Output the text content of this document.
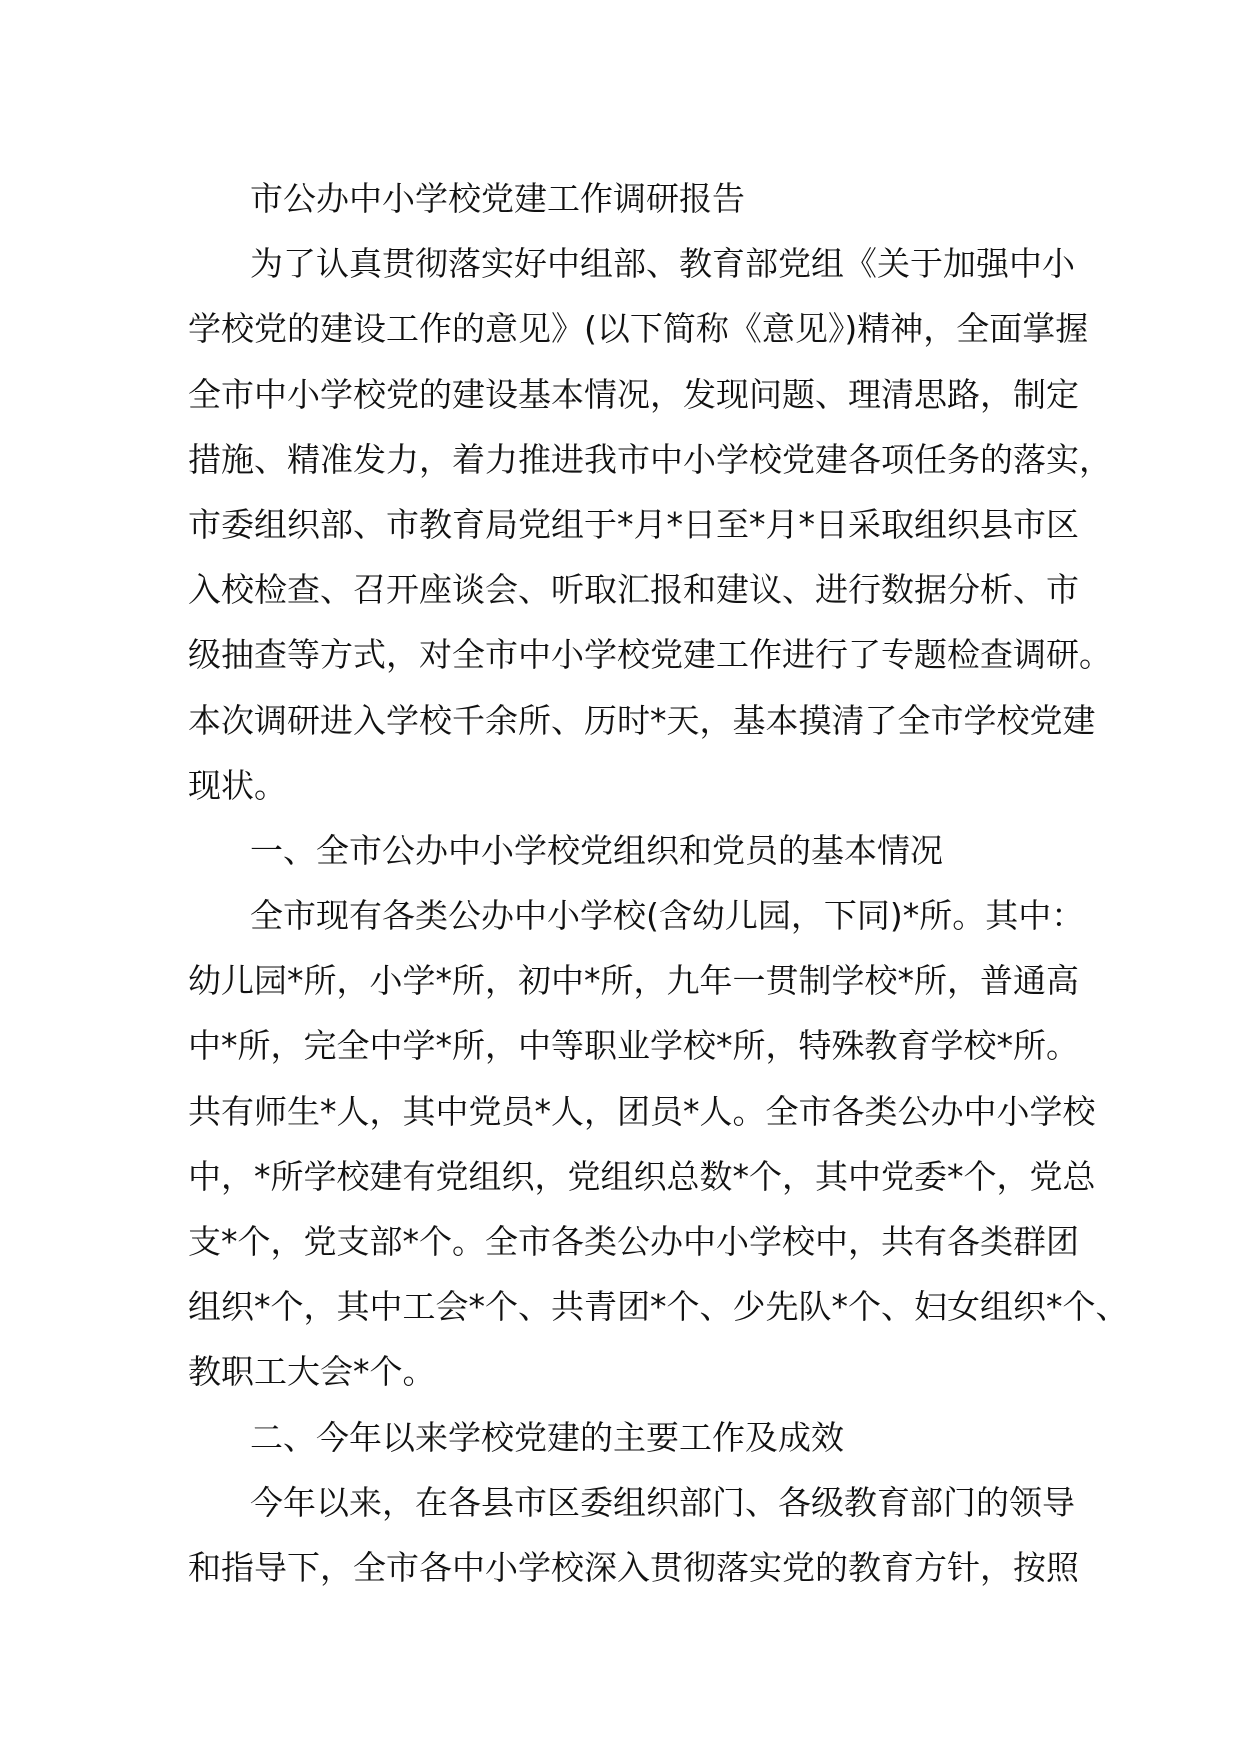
市公办中小学校党建工作调研报告
为了认真贯彻落实好中组部、教育部党组《关于加强中小
学校党的建设工作的意见》(以下简称《意见》)精神，全面掌握
全市中小学校党的建设基本情况，发现问题、理清思路，制定
措施、精准发力，着力推进我市中小学校党建各项任务的落实，
市委组织部、市教育局党组于*月*日至*月*日采取组织县市区
入校检查、召开座谈会、听取汇报和建议、进行数据分析、市
级抽查等方式，对全市中小学校党建工作进行了专题检查调研。
本次调研进入学校千余所、历时*天，基本摸清了全市学校党建
现状。
一、全市公办中小学校党组织和党员的基本情况
全市现有各类公办中小学校(含幼儿园，下同)*所。其中：
幼儿园*所，小学*所，初中*所，九年一贯制学校*所，普通高
中*所，完全中学*所，中等职业学校*所，特殊教育学校*所。
共有师生*人，其中党员*人，团员*人。全市各类公办中小学校
中，*所学校建有党组织，党组织总数*个，其中党委*个，党总
支*个，党支部*个。全市各类公办中小学校中，共有各类群团
组织*个，其中工会*个、共青团*个、少先队*个、妇女组织*个、
教职工大会*个。
二、今年以来学校党建的主要工作及成效
今年以来，在各县市区委组织部门、各级教育部门的领导
和指导下，全市各中小学校深入贯彻落实党的教育方针，按照
